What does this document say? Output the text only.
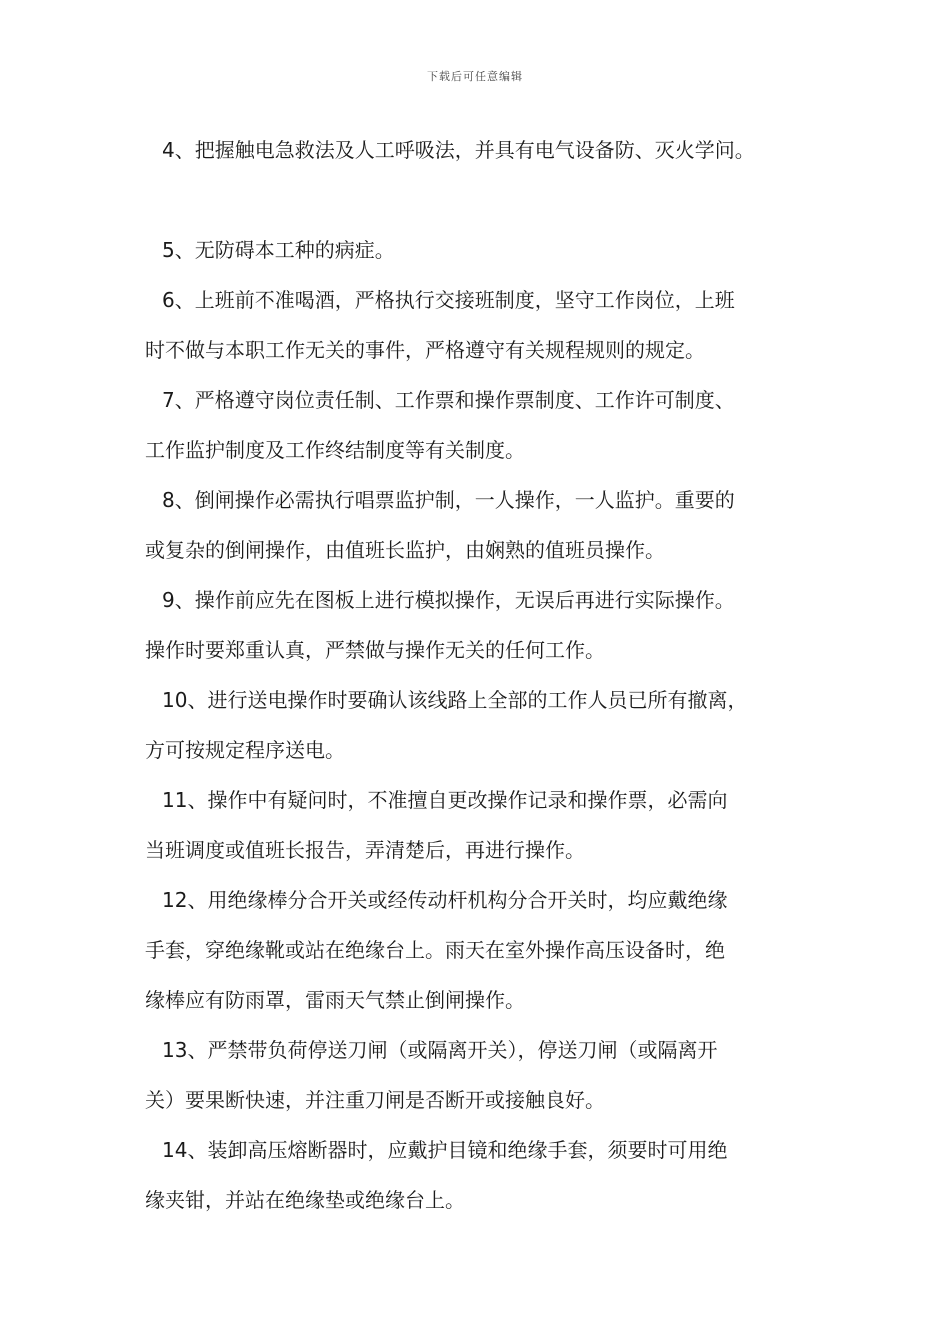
下载后可任意编辑
4、把握触电急救法及人工呼吸法，并具有电气设备防、灭火学问。
5、无防碍本工种的病症。
6、上班前不准喝酒，严格执行交接班制度，坚守工作岗位，上班
时不做与本职工作无关的事件，严格遵守有关规程规则的规定。
7、严格遵守岗位责任制、工作票和操作票制度、工作许可制度、
工作监护制度及工作终结制度等有关制度。
8、倒闸操作必需执行唱票监护制，一人操作，一人监护。重要的
或复杂的倒闸操作，由值班长监护，由娴熟的值班员操作。
9、操作前应先在图板上进行模拟操作，无误后再进行实际操作。
操作时要郑重认真，严禁做与操作无关的任何工作。
10、进行送电操作时要确认该线路上全部的工作人员已所有撤离，
方可按规定程序送电。
11、操作中有疑问时，不准擅自更改操作记录和操作票，必需向
当班调度或值班长报告，弄清楚后，再进行操作。
12、用绝缘棒分合开关或经传动杆机构分合开关时，均应戴绝缘
手套，穿绝缘靴或站在绝缘台上。雨天在室外操作高压设备时，绝
缘棒应有防雨罩，雷雨天气禁止倒闸操作。
13、严禁带负荷停送刀闸（或隔离开关），停送刀闸（或隔离开
关）要果断快速，并注重刀闸是否断开或接触良好。
14、装卸高压熔断器时，应戴护目镜和绝缘手套，须要时可用绝
缘夹钳，并站在绝缘垫或绝缘台上。
